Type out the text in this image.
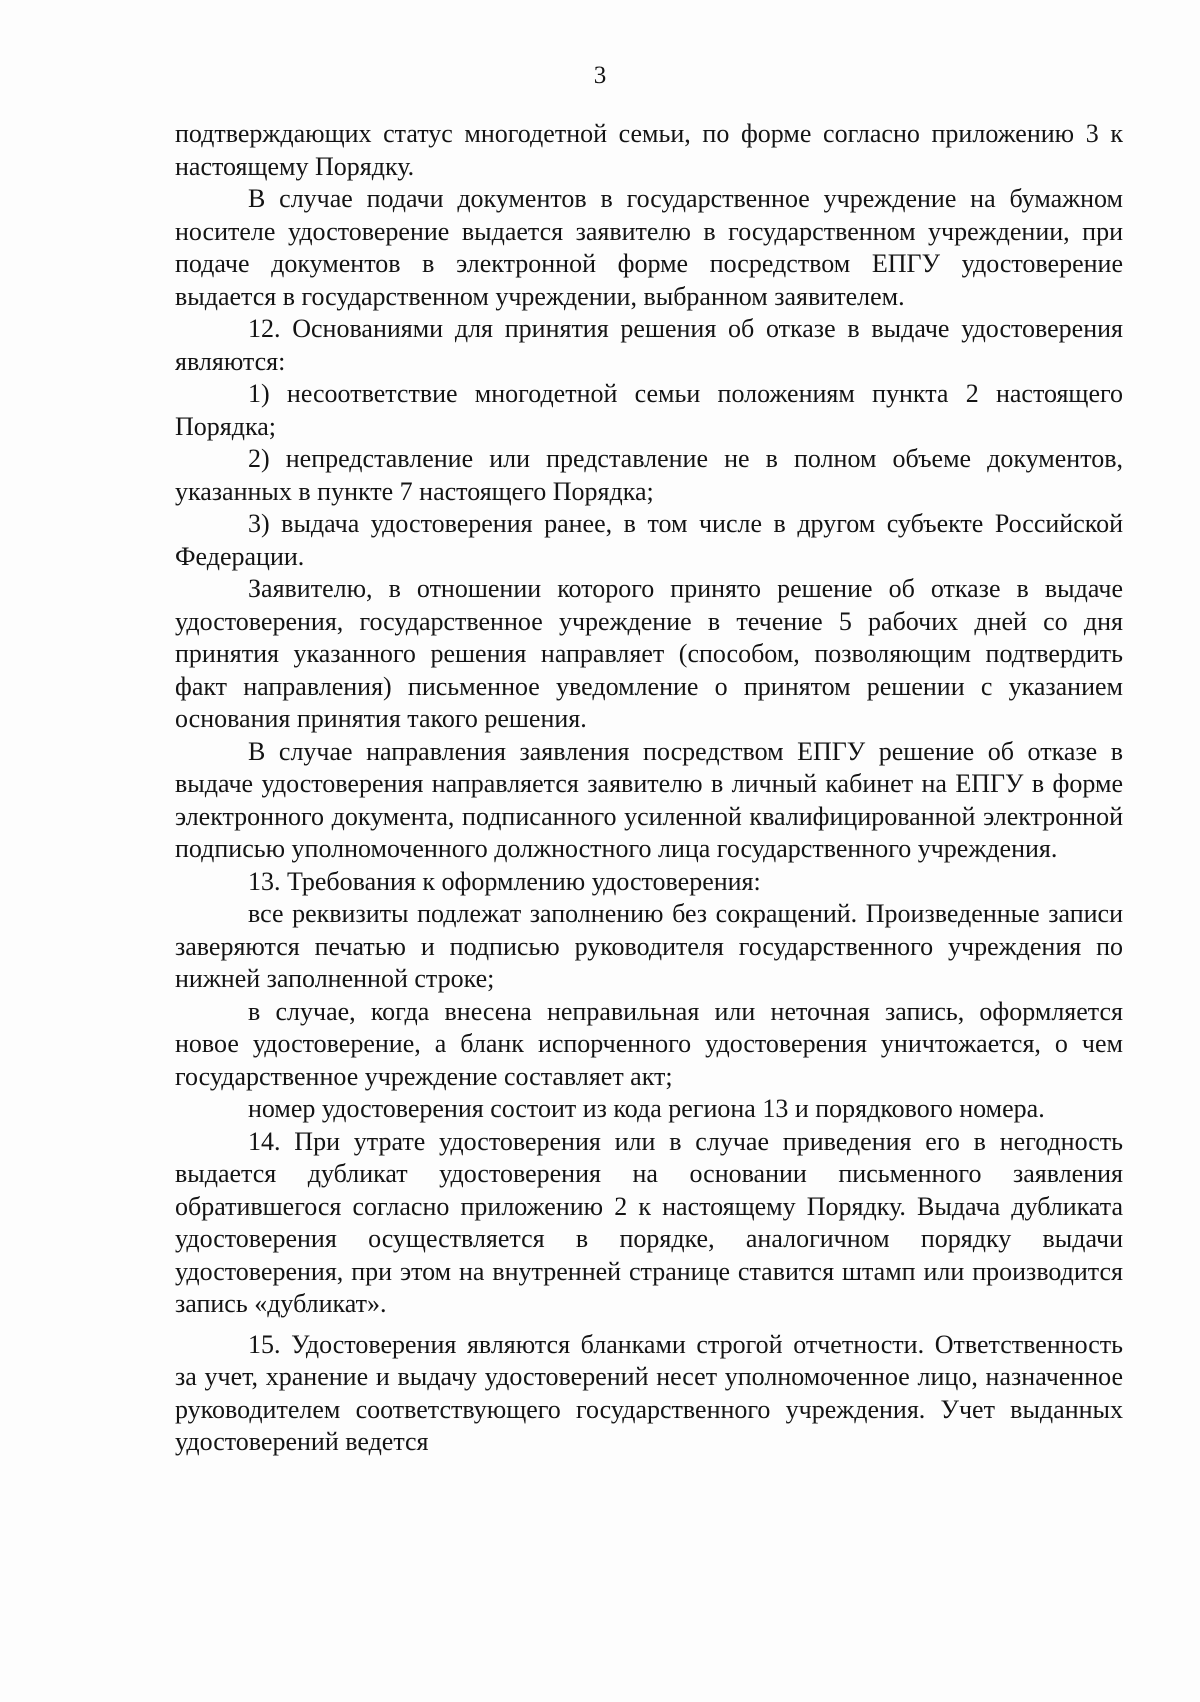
3

подтверждающих статус многодетной семьи, по форме согласно приложению 3 к настоящему Порядку.

В случае подачи документов в государственное учреждение на бумажном носителе удостоверение выдается заявителю в государственном учреждении, при подаче документов в электронной форме посредством ЕПГУ удостоверение выдается в государственном учреждении, выбранном заявителем.

12. Основаниями для принятия решения об отказе в выдаче удостоверения являются:

1) несоответствие многодетной семьи положениям пункта 2 настоящего Порядка;

2) непредставление или представление не в полном объеме документов, указанных в пункте 7 настоящего Порядка;

3) выдача удостоверения ранее, в том числе в другом субъекте Российской Федерации.

Заявителю, в отношении которого принято решение об отказе в выдаче удостоверения, государственное учреждение в течение 5 рабочих дней со дня принятия указанного решения направляет (способом, позволяющим подтвердить факт направления) письменное уведомление о принятом решении с указанием основания принятия такого решения.

В случае направления заявления посредством ЕПГУ решение об отказе в выдаче удостоверения направляется заявителю в личный кабинет на ЕПГУ в форме электронного документа, подписанного усиленной квалифицированной электронной подписью уполномоченного должностного лица государственного учреждения.

13. Требования к оформлению удостоверения:

все реквизиты подлежат заполнению без сокращений. Произведенные записи заверяются печатью и подписью руководителя государственного учреждения по нижней заполненной строке;

в случае, когда внесена неправильная или неточная запись, оформляется новое удостоверение, а бланк испорченного удостоверения уничтожается, о чем государственное учреждение составляет акт;

номер удостоверения состоит из кода региона 13 и порядкового номера.

14. При утрате удостоверения или в случае приведения его в негодность выдается дубликат удостоверения на основании письменного заявления обратившегося согласно приложению 2 к настоящему Порядку. Выдача дубликата удостоверения осуществляется в порядке, аналогичном порядку выдачи удостоверения, при этом на внутренней странице ставится штамп или производится запись «дубликат».

15. Удостоверения являются бланками строгой отчетности. Ответственность за учет, хранение и выдачу удостоверений несет уполномоченное лицо, назначенное руководителем соответствующего государственного учреждения. Учет выданных удостоверений ведется
